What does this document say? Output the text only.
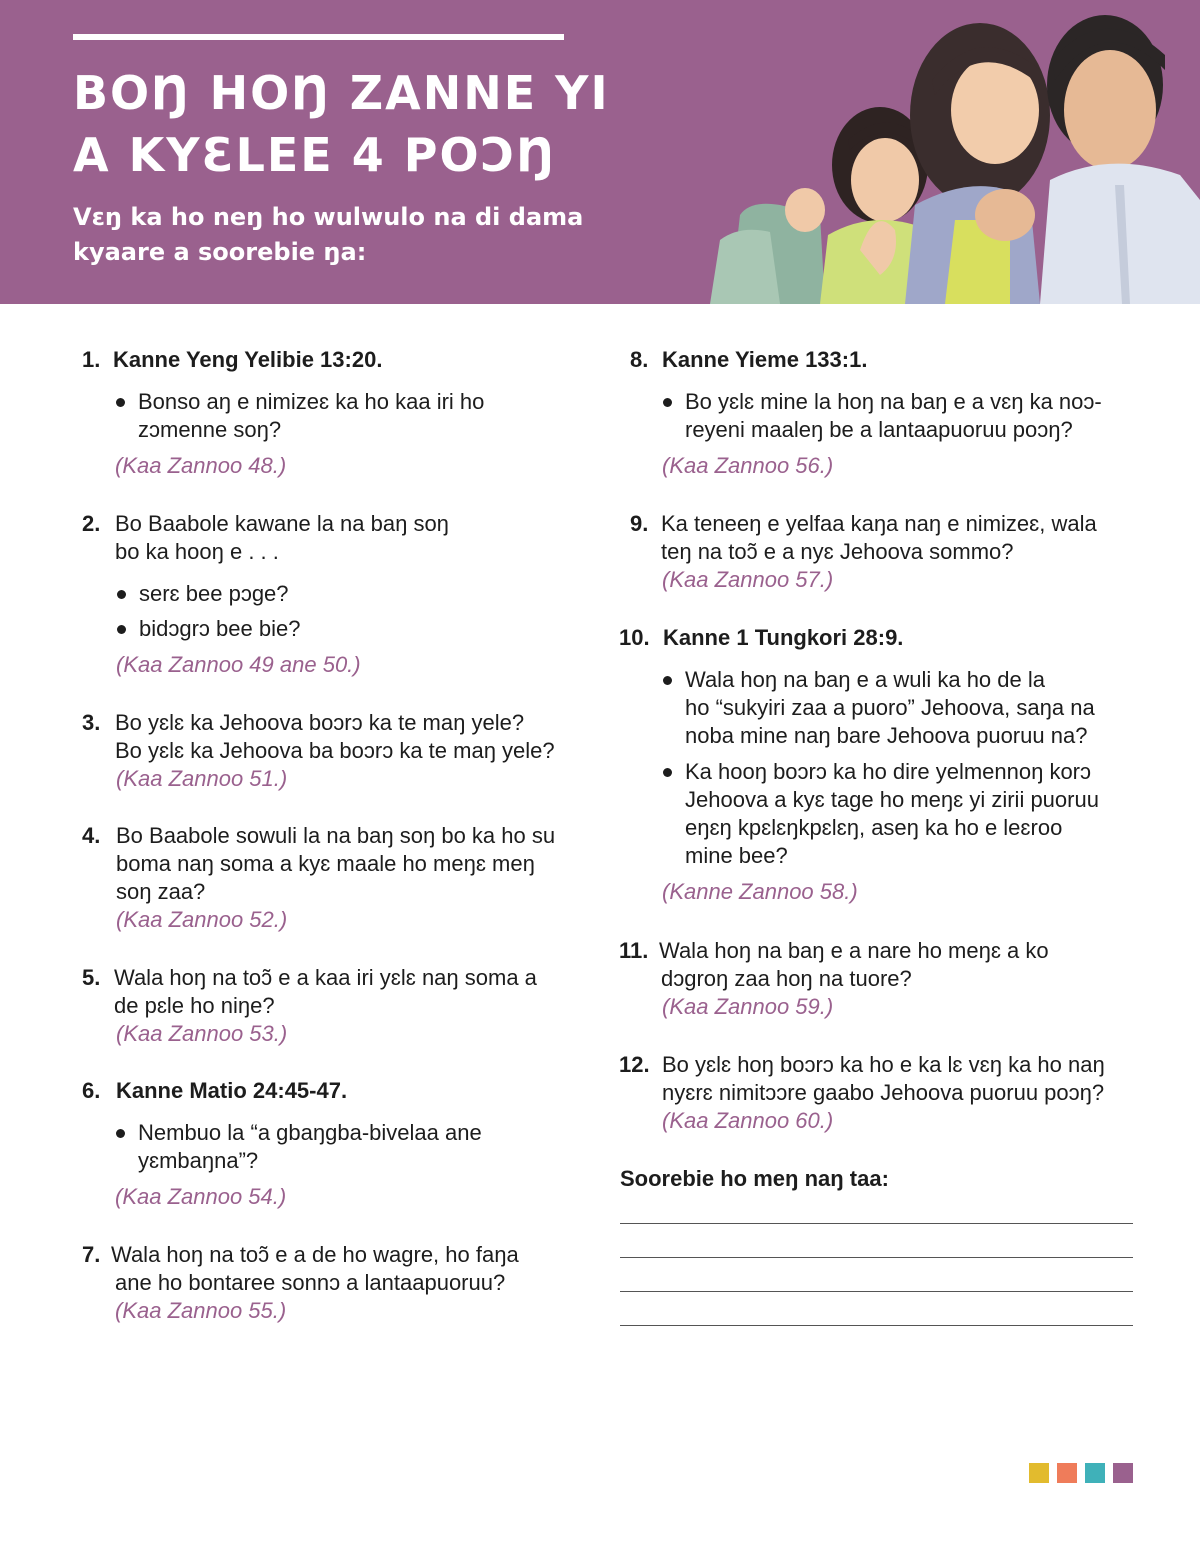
BOŊ HOŊ ZANNE YI
A KYƐLEE 4 POƆŊ
Vɛŋ ka ho neŋ ho wulwulo na di dama
kyaare a soorebie ŋa:
1. Kanne Yeng Yelibie 13:20.
Bonso aŋ e nimizeɛ ka ho kaa iri ho
zɔmenne soŋ?
(Kaa Zannoo 48.)
2. Bo Baabole kawane la na baŋ soŋ
bo ka hooŋ e . . .
serɛ bee pɔge?
bidɔgrɔ bee bie?
(Kaa Zannoo 49 ane 50.)
3. Bo yɛlɛ ka Jehoova boɔrɔ ka te maŋ yele?
Bo yɛlɛ ka Jehoova ba boɔrɔ ka te maŋ yele?
(Kaa Zannoo 51.)
4. Bo Baabole sowuli la na baŋ soŋ bo ka ho su
boma naŋ soma a kyɛ maale ho meŋɛ meŋ
soŋ zaa?
(Kaa Zannoo 52.)
5. Wala hoŋ na toɔ̃ e a kaa iri yɛlɛ naŋ soma a
de pɛle ho niŋe?
(Kaa Zannoo 53.)
6. Kanne Matio 24:45-47.
Nembuo la “a gbaŋgba-bivelaa ane
yɛmbaŋna”?
(Kaa Zannoo 54.)
7. Wala hoŋ na toɔ̃ e a de ho wagre, ho faŋa
ane ho bontaree sonnɔ a lantaapuoruu?
(Kaa Zannoo 55.)
8. Kanne Yieme 133:1.
Bo yɛlɛ mine la hoŋ na baŋ e a vɛŋ ka noɔ-
reyeni maaleŋ be a lantaapuoruu poɔŋ?
(Kaa Zannoo 56.)
9. Ka teneeŋ e yelfaa kaŋa naŋ e nimizeɛ, wala
teŋ na toɔ̃ e a nyɛ Jehoova sommo?
(Kaa Zannoo 57.)
10. Kanne 1 Tungkori 28:9.
Wala hoŋ na baŋ e a wuli ka ho de la
ho “sukyiri zaa a puoro” Jehoova, saŋa na
noba mine naŋ bare Jehoova puoruu na?
Ka hooŋ boɔrɔ ka ho dire yelmennoŋ korɔ
Jehoova a kyɛ tage ho meŋɛ yi zirii puoruu
eŋɛŋ kpɛlɛŋkpɛlɛŋ, aseŋ ka ho e leɛroo
mine bee?
(Kanne Zannoo 58.)
11. Wala hoŋ na baŋ e a nare ho meŋɛ a ko
dɔgroŋ zaa hoŋ na tuore?
(Kaa Zannoo 59.)
12. Bo yɛlɛ hoŋ boɔrɔ ka ho e ka lɛ vɛŋ ka ho naŋ
nyɛrɛ nimitɔɔre gaabo Jehoova puoruu poɔŋ?
(Kaa Zannoo 60.)
Soorebie ho meŋ naŋ taa:
